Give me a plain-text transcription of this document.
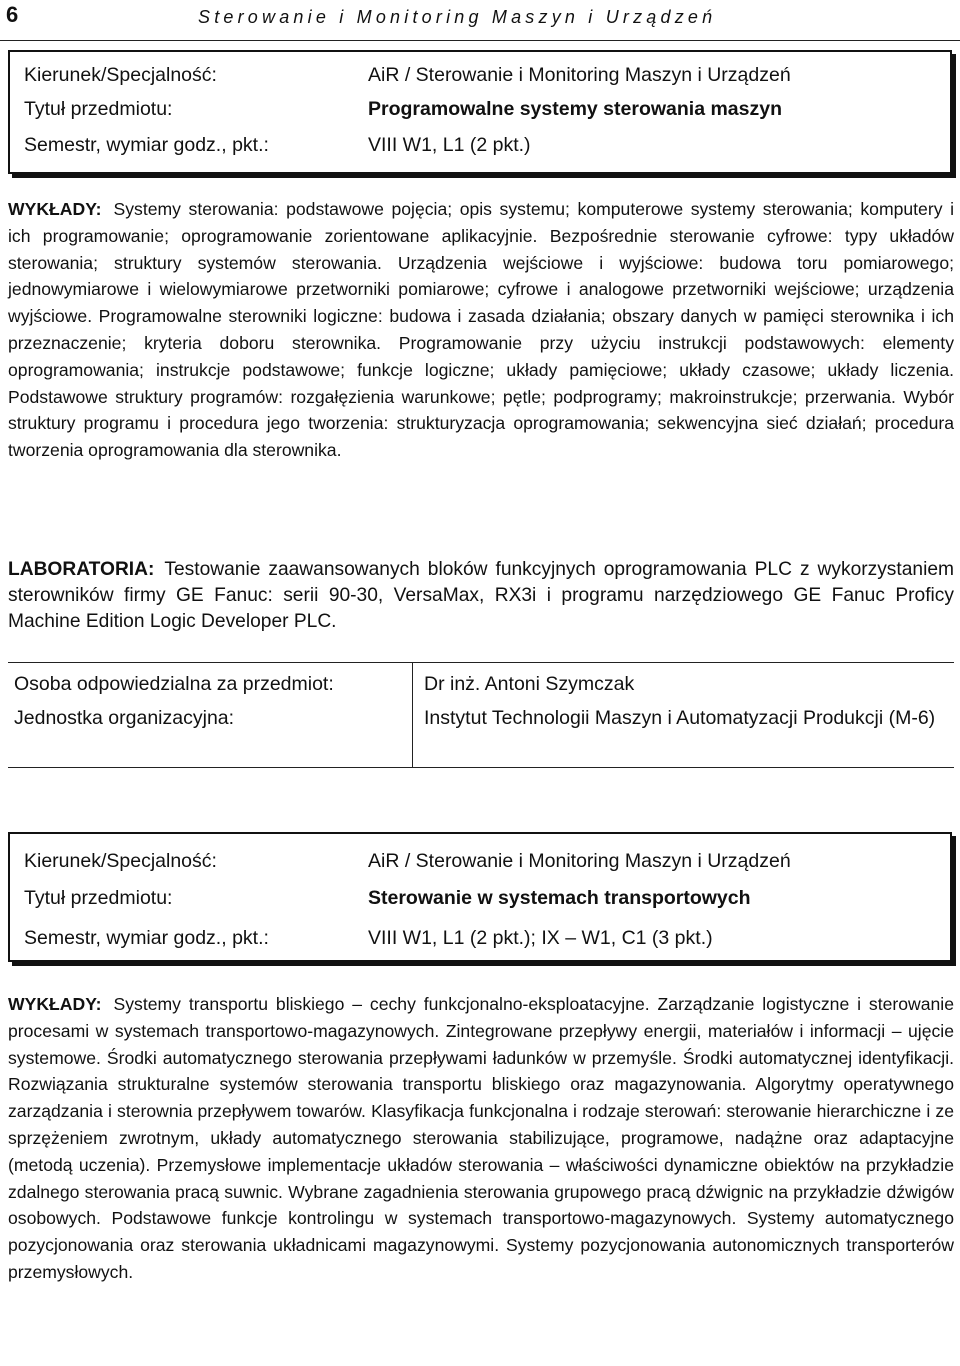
6	Sterowanie i Monitoring Maszyn i Urządzeń
Kierunek/Specjalność:	AiR / Sterowanie i Monitoring Maszyn i Urządzeń
Tytuł przedmiotu:	Programowalne systemy sterowania maszyn
Semestr, wymiar godz., pkt.:	VIII W1, L1 (2 pkt.)

WYKŁADY: Systemy sterowania: podstawowe pojęcia; opis systemu; komputerowe systemy sterowania; komputery i ich programowanie; oprogramowanie zorientowane aplikacyjnie. Bezpośrednie sterowanie cyfrowe: typy układów sterowania; struktury systemów sterowania. Urządzenia wejściowe i wyjściowe: budowa toru pomiarowego; jednowymiarowe i wielowymiarowe przetworniki pomiarowe; cyfrowe i analogowe przetworniki wejściowe; urządzenia wyjściowe. Programowalne sterowniki logiczne: budowa i zasada działania; obszary danych w pamięci sterownika i ich przeznaczenie; kryteria doboru sterownika. Programowanie przy użyciu instrukcji podstawowych: elementy oprogramowania; instrukcje podstawowe; funkcje logiczne; układy pamięciowe; układy czasowe; układy liczenia. Podstawowe struktury programów: rozgałęzienia warunkowe; pętle; podprogramy; makroinstrukcje; przerwania. Wybór struktury programu i procedura jego tworzenia: strukturyzacja oprogramowania; sekwencyjna sieć działań; procedura tworzenia oprogramowania dla sterownika.

LABORATORIA: Testowanie zaawansowanych bloków funkcyjnych oprogramowania PLC z wykorzystaniem sterowników firmy GE Fanuc: serii 90-30, VersaMax, RX3i i programu narzędziowego GE Fanuc Proficy Machine Edition Logic Developer PLC.

Osoba odpowiedzialna za przedmiot:	Dr inż. Antoni Szymczak
Jednostka organizacyjna:	Instytut Technologii Maszyn i Automatyzacji Produkcji (M-6)
Kierunek/Specjalność:	AiR / Sterowanie i Monitoring Maszyn i Urządzeń
Tytuł przedmiotu:	Sterowanie w systemach transportowych
Semestr, wymiar godz., pkt.:	VIII W1, L1 (2 pkt.); IX – W1, C1 (3 pkt.)

WYKŁADY: Systemy transportu bliskiego – cechy funkcjonalno-eksploatacyjne. Zarządzanie logistyczne i sterowanie procesami w systemach transportowo-magazynowych. Zintegrowane przepływy energii, materiałów i informacji – ujęcie systemowe. Środki automatycznego sterowania przepływami ładunków w przemyśle. Środki automatycznej identyfikacji. Rozwiązania strukturalne systemów sterowania transportu bliskiego oraz magazynowania. Algorytmy operatywnego zarządzania i sterownia przepływem towarów. Klasyfikacja funkcjonalna i rodzaje sterowań: sterowanie hierarchiczne i ze sprzężeniem zwrotnym, układy automatycznego sterowania stabilizujące, programowe, nadążne oraz adaptacyjne (metodą uczenia). Przemysłowe implementacje układów sterowania – właściwości dynamiczne obiektów na przykładzie zdalnego sterowania pracą suwnic. Wybrane zagadnienia sterowania grupowego pracą dźwignic na przykładzie dźwigów osobowych. Podstawowe funkcje kontrolingu w systemach transportowo-magazynowych. Systemy automatycznego pozycjonowania oraz sterowania układnicami magazynowymi. Systemy pozycjonowania autonomicznych transporterów przemysłowych.
